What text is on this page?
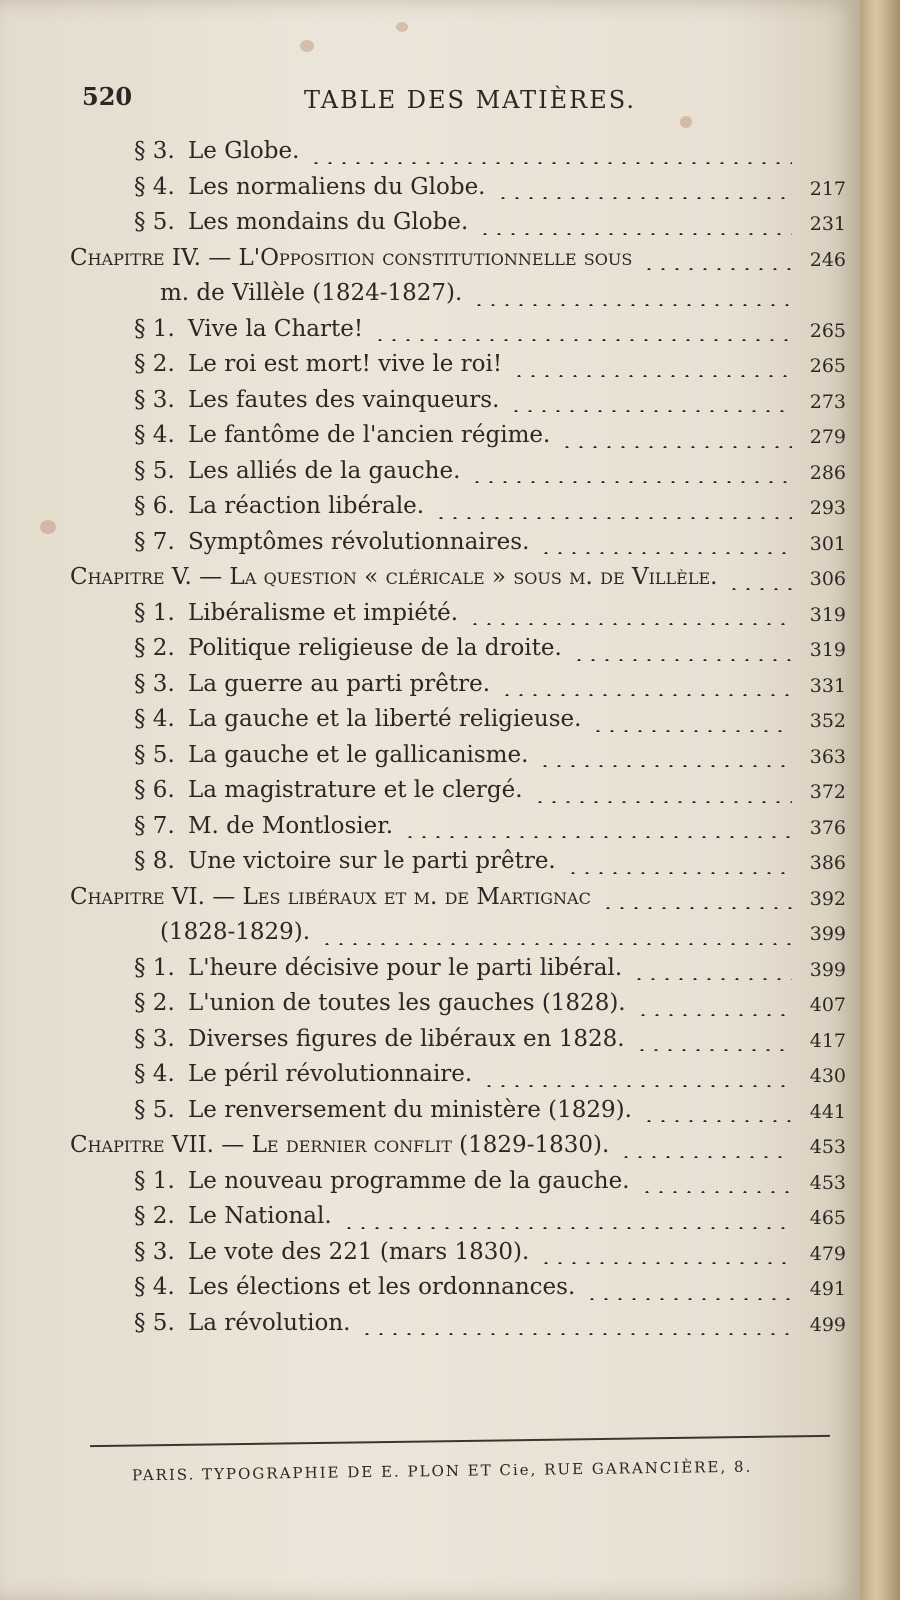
520	TABLE DES MATIÈRES.
§ 3. Le Globe.
§ 4. Les normaliens du Globe.	217
§ 5. Les mondains du Globe.	231
Chapitre IV. — L'Opposition constitutionnelle sous	246
m. de Villèle (1824-1827).
§ 1. Vive la Charte!	265
§ 2. Le roi est mort! vive le roi!	265
§ 3. Les fautes des vainqueurs.	273
§ 4. Le fantôme de l'ancien régime.	279
§ 5. Les alliés de la gauche.	286
§ 6. La réaction libérale.	293
§ 7. Symptômes révolutionnaires.	301
Chapitre V. — La question « cléricale » sous m. de Villèle.	306
§ 1. Libéralisme et impiété.	319
§ 2. Politique religieuse de la droite.	319
§ 3. La guerre au parti prêtre.	331
§ 4. La gauche et la liberté religieuse.	352
§ 5. La gauche et le gallicanisme.	363
§ 6. La magistrature et le clergé.	372
§ 7. M. de Montlosier.	376
§ 8. Une victoire sur le parti prêtre.	386
Chapitre VI. — Les libéraux et m. de Martignac	392
(1828-1829).	399
§ 1. L'heure décisive pour le parti libéral.	399
§ 2. L'union de toutes les gauches (1828).	407
§ 3. Diverses figures de libéraux en 1828.	417
§ 4. Le péril révolutionnaire.	430
§ 5. Le renversement du ministère (1829).	441
Chapitre VII. — Le dernier conflit (1829-1830).	453
§ 1. Le nouveau programme de la gauche.	453
§ 2. Le National.	465
§ 3. Le vote des 221 (mars 1830).	479
§ 4. Les élections et les ordonnances.	491
§ 5. La révolution.	499
PARIS. TYPOGRAPHIE DE E. PLON ET Cie, RUE GARANCIÈRE, 8.
